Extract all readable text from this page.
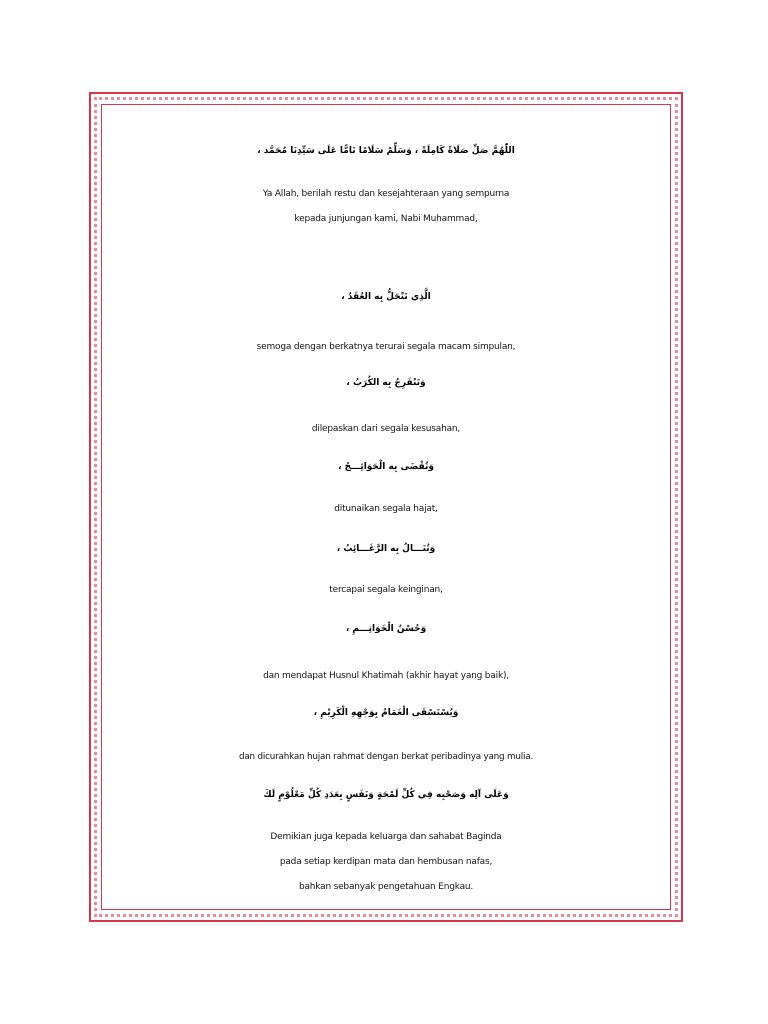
اللّٰهُمَّ صَلِّ صَلَاةً كَامِلَةً ، وَسَلِّمْ سَلَامًا تَامًّا عَلَى سَيِّدِنَا مُحَمَّد ،
Ya Allah, berilah restu dan kesejahteraan yang sempurna
kepada junjungan kami, Nabi Muhammad,
الَّذِي تَنْحَلُّ بِه العُقَدُ ،
semoga dengan berkatnya terurai segala macam simpulan,
وَتَنْفَرِجُ بِه الكُرَبُ ،
dilepaskan dari segala kesusahan,
وَتُقْضَى بِه الْحَوَائِـــجُ ،
ditunaikan segala hajat,
وَتُنَـــالُ بِه الرَّغَـــائِبُ ،
tercapai segala keinginan,
وَحُسْنُ الْخَوَاتِـــمِ ،
dan mendapat Husnul Khatimah (akhir hayat yang baik),
وَيُسْتَسْقَى الْغَمَامُ بِوَجْهِهِ الْكَرِيْمِ ،
dan dicurahkan hujan rahmat dengan berkat peribadinya yang mulia.
وَعَلَى آلِه وَصَحْبِه فِي كُلِّ لَمْحَةٍ وَنَفَسٍ بِعَدَدِ كُلِّ مَعْلُوْمٍ لَكَ
Demikian juga kepada keluarga dan sahabat Baginda
pada setiap kerdipan mata dan hembusan nafas,
bahkan sebanyak pengetahuan Engkau.
